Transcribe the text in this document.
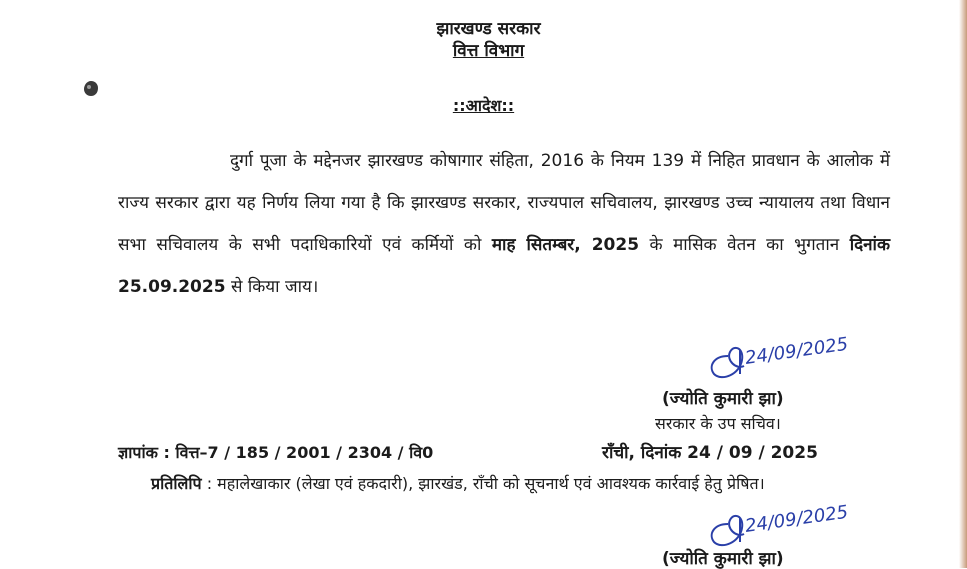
झारखण्ड सरकार
वित्त विभाग
::आदेश::

दुर्गा पूजा के मद्देनजर झारखण्ड कोषागार संहिता, 2016 के नियम 139 में निहित प्रावधान के आलोक में राज्य सरकार द्वारा यह निर्णय लिया गया है कि झारखण्ड सरकार, राज्यपाल सचिवालय, झारखण्ड उच्च न्यायालय तथा विधान सभा सचिवालय के सभी पदाधिकारियों एवं कर्मियों को माह सितम्बर, 2025 के मासिक वेतन का भुगतान दिनांक 25.09.2025 से किया जाय।

24/09/2025
(ज्योति कुमारी झा)
सरकार के उप सचिव।
ज्ञापांक : वित्त–7 / 185 / 2001 / 2304 / वि0	राँची, दिनांक 24 / 09 / 2025
प्रतिलिपि : महालेखाकार (लेखा एवं हकदारी), झारखंड, राँची को सूचनार्थ एवं आवश्यक कार्रवाई हेतु प्रेषित।
24/09/2025
(ज्योति कुमारी झा)
